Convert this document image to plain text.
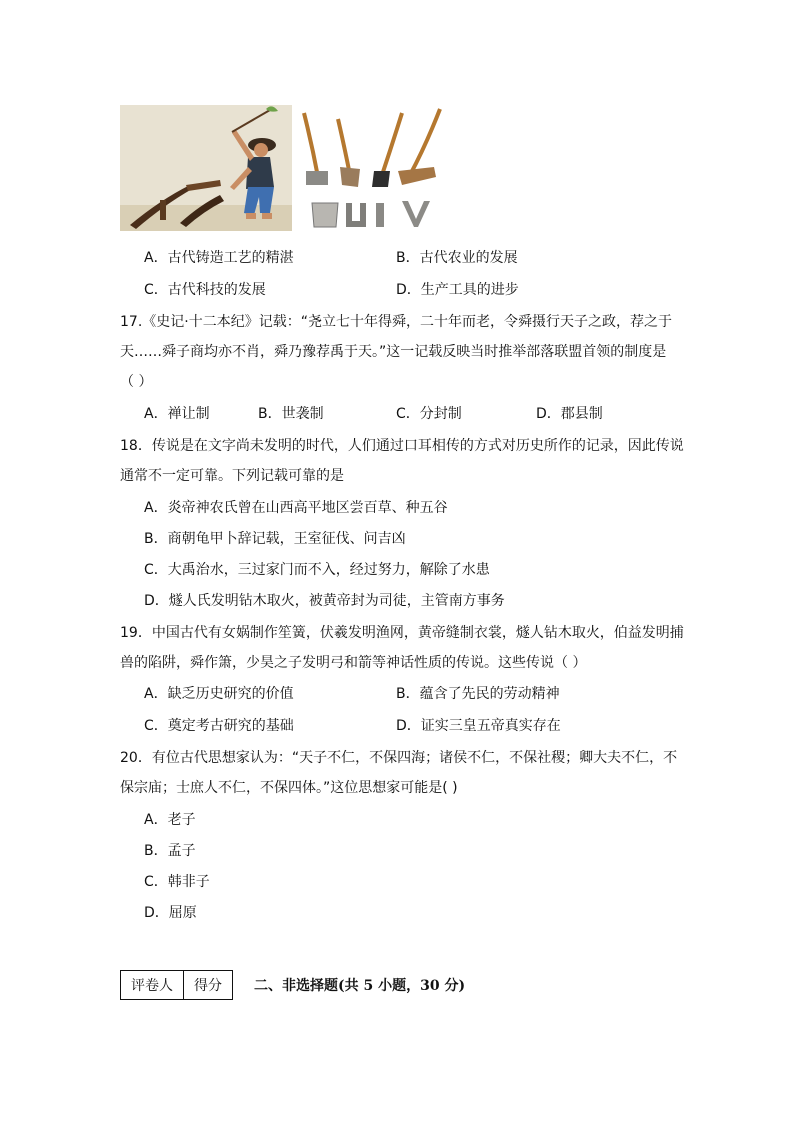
A．古代铸造工艺的精湛	B．古代农业的发展
C．古代科技的发展	D．生产工具的进步
17.《史记·十二本纪》记载：“尧立七十年得舜，二十年而老，令舜摄行天子之政，荐之于
天……舜子商均亦不肖，舜乃豫荐禹于天。”这一记载反映当时推举部落联盟首领的制度是
（ ）
A．禅让制	B．世袭制	C．分封制	D．郡县制
18．传说是在文字尚未发明的时代，人们通过口耳相传的方式对历史所作的记录，因此传说
通常不一定可靠。下列记载可靠的是
A．炎帝神农氏曾在山西高平地区尝百草、种五谷
B．商朝龟甲卜辞记载，王室征伐、问吉凶
C．大禹治水，三过家门而不入，经过努力，解除了水患
D．燧人氏发明钻木取火，被黄帝封为司徒，主管南方事务
19．中国古代有女娲制作笙簧，伏羲发明渔网，黄帝缝制衣裳，燧人钻木取火，伯益发明捕
兽的陷阱，舜作箫，少昊之子发明弓和箭等神话性质的传说。这些传说（ ）
A．缺乏历史研究的价值	B．蕴含了先民的劳动精神
C．奠定考古研究的基础	D．证实三皇五帝真实存在
20．有位古代思想家认为：“天子不仁，不保四海；诸侯不仁，不保社稷；卿大夫不仁，不
保宗庙；士庶人不仁，不保四体。”这位思想家可能是( )
A．老子
B．孟子
C．韩非子
D．屈原
评卷人	得分 二、非选择题(共 5 小题，30 分)
